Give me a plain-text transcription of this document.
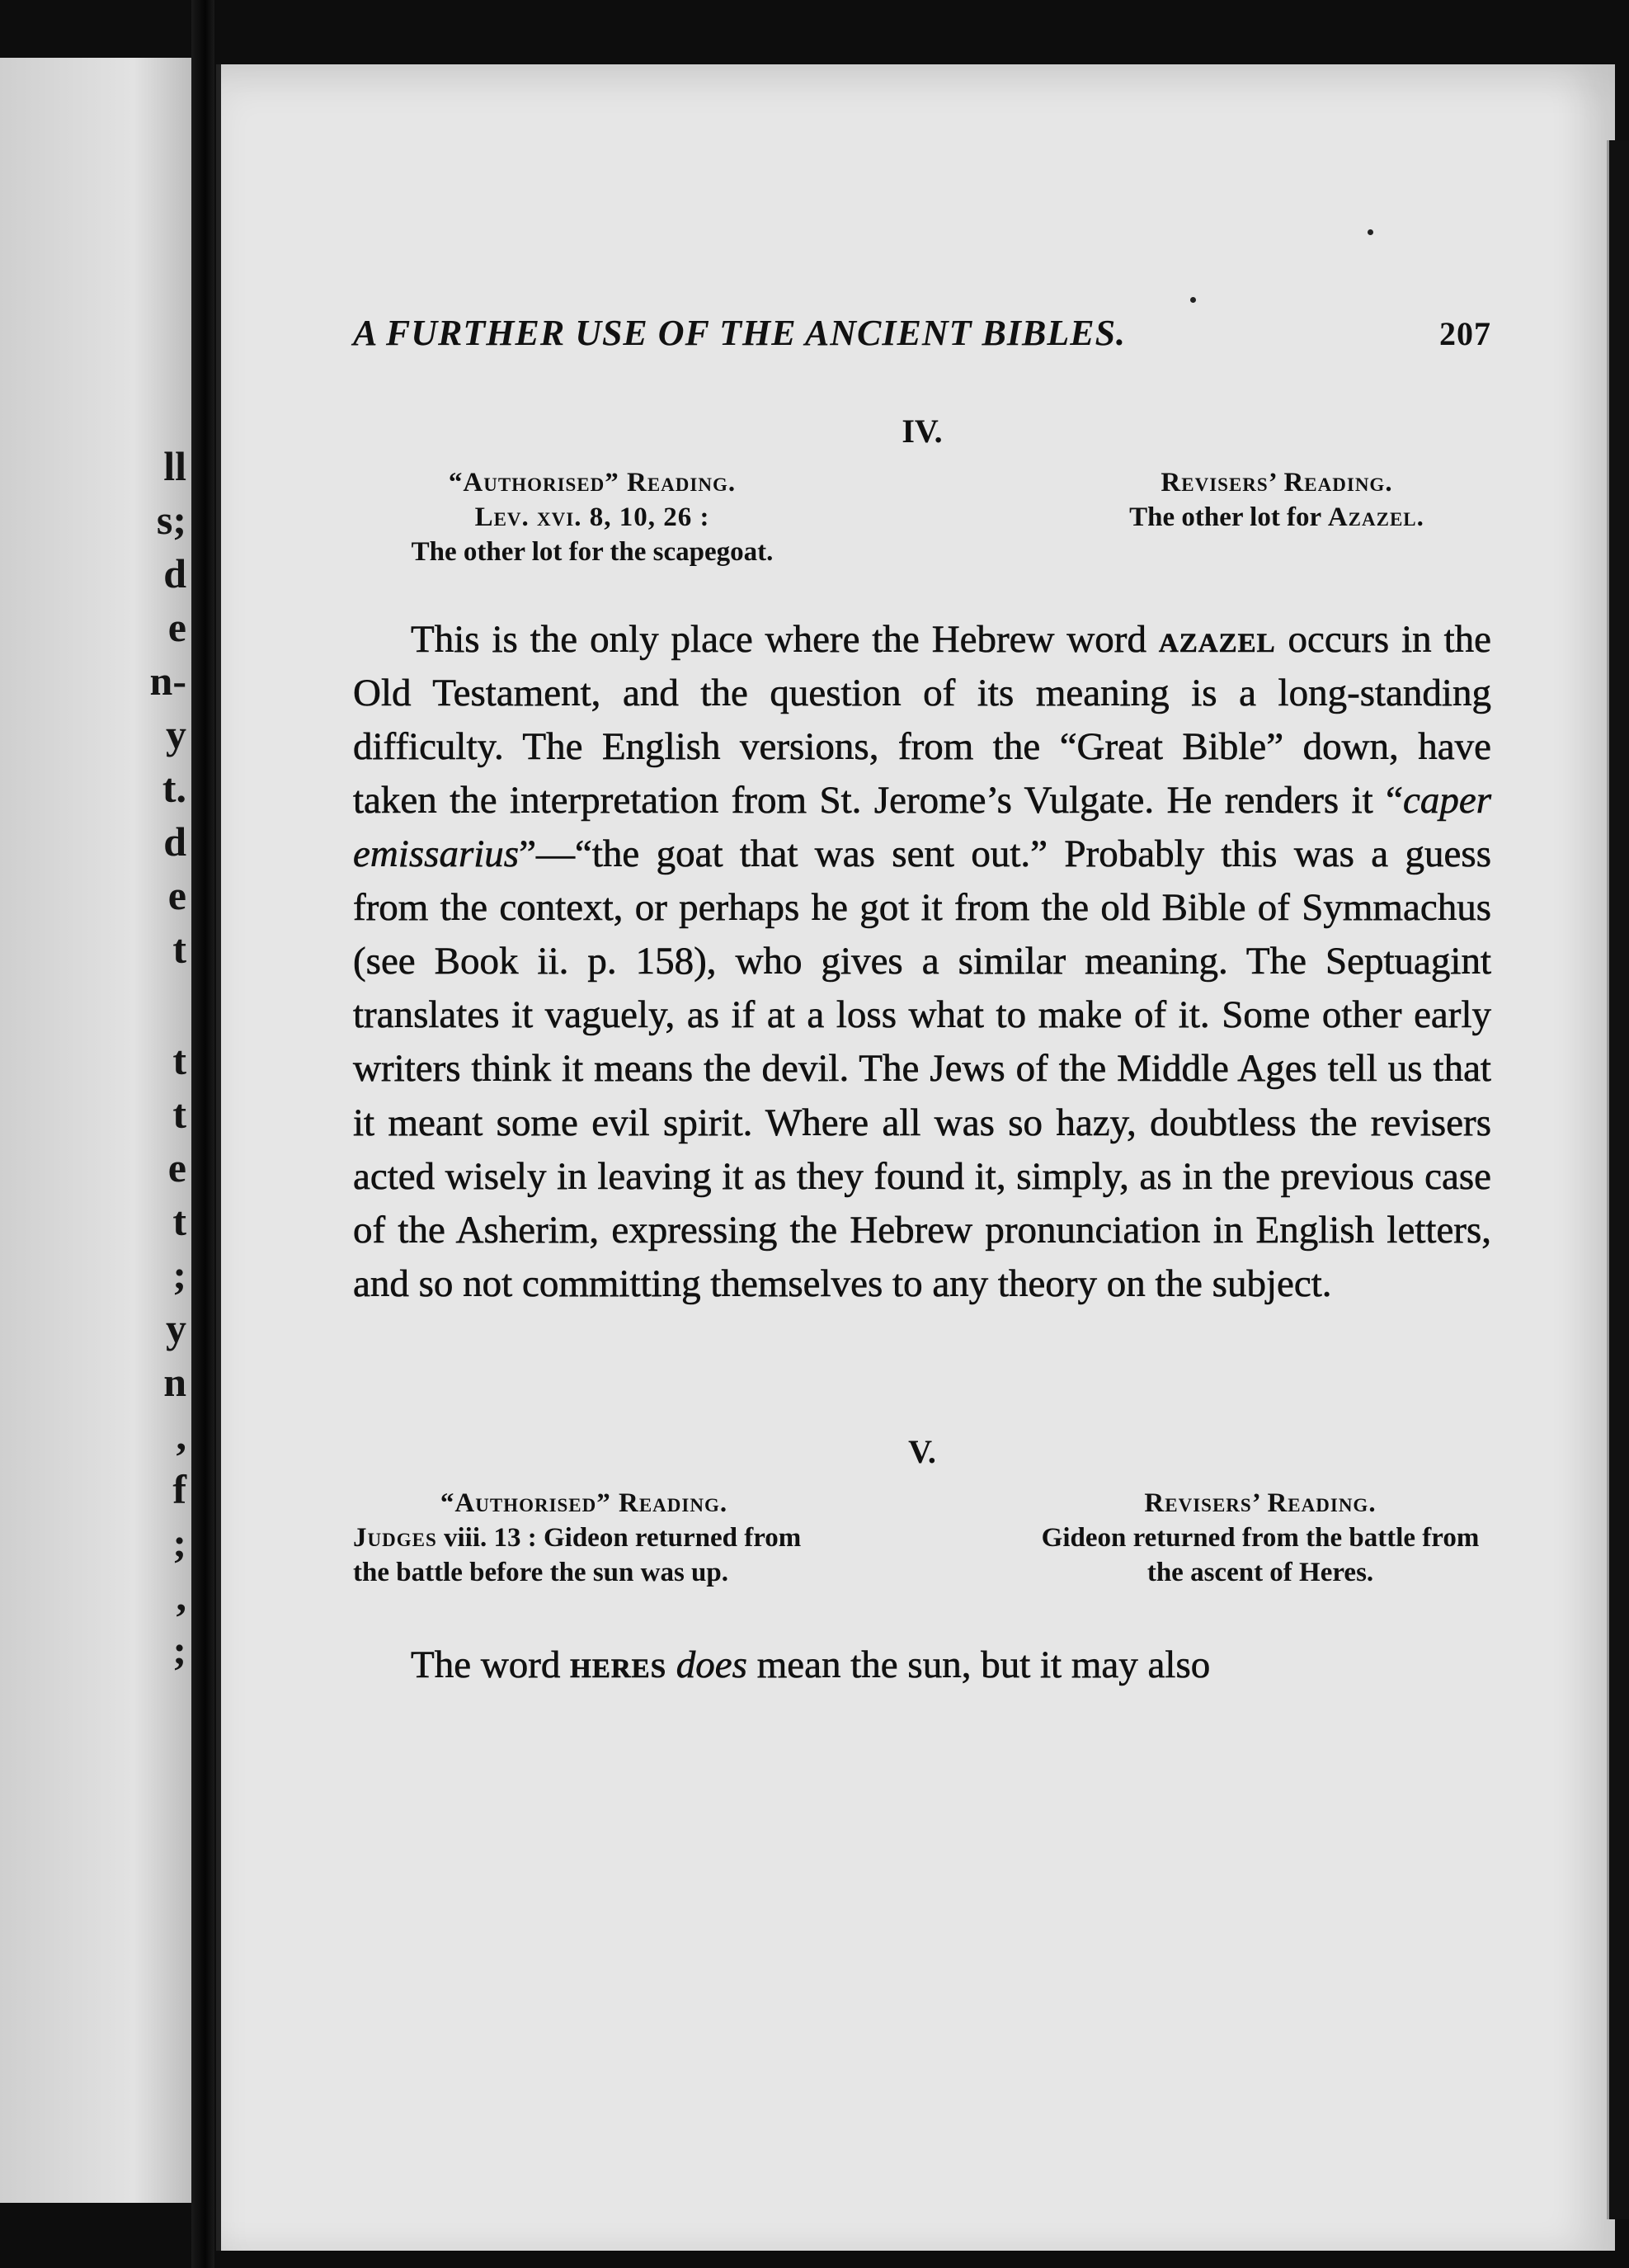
ll
s;
d
e
n-
y
t.
d
e
t
t
t
e
t
;
y
n
,
f
;
,
;
A FURTHER USE OF THE ANCIENT BIBLES.	207
IV.
“Authorised” Reading.
Lev. xvi. 8, 10, 26 :
The other lot for the scapegoat.
Revisers’ Reading.
The other lot for Azazel.

This is the only place where the Hebrew word azazel occurs in the Old Testament, and the question of its meaning is a long-standing difficulty. The English versions, from the “Great Bible” down, have taken the interpretation from St. Jerome’s Vulgate. He renders it “caper emissarius”—“the goat that was sent out.” Probably this was a guess from the context, or perhaps he got it from the old Bible of Symmachus (see Book ii. p. 158), who gives a similar meaning. The Septuagint translates it vaguely, as if at a loss what to make of it. Some other early writers think it means the devil. The Jews of the Middle Ages tell us that it meant some evil spirit. Where all was so hazy, doubtless the revisers acted wisely in leaving it as they found it, simply, as in the previous case of the Asherim, expressing the Hebrew pronunciation in English letters, and so not committing themselves to any theory on the subject.

V.
“Authorised” Reading.
Judges viii. 13 : Gideon returned from the battle before the sun was up.
Revisers’ Reading.
Gideon returned from the battle from the ascent of Heres.

The word heres does mean the sun, but it may also
